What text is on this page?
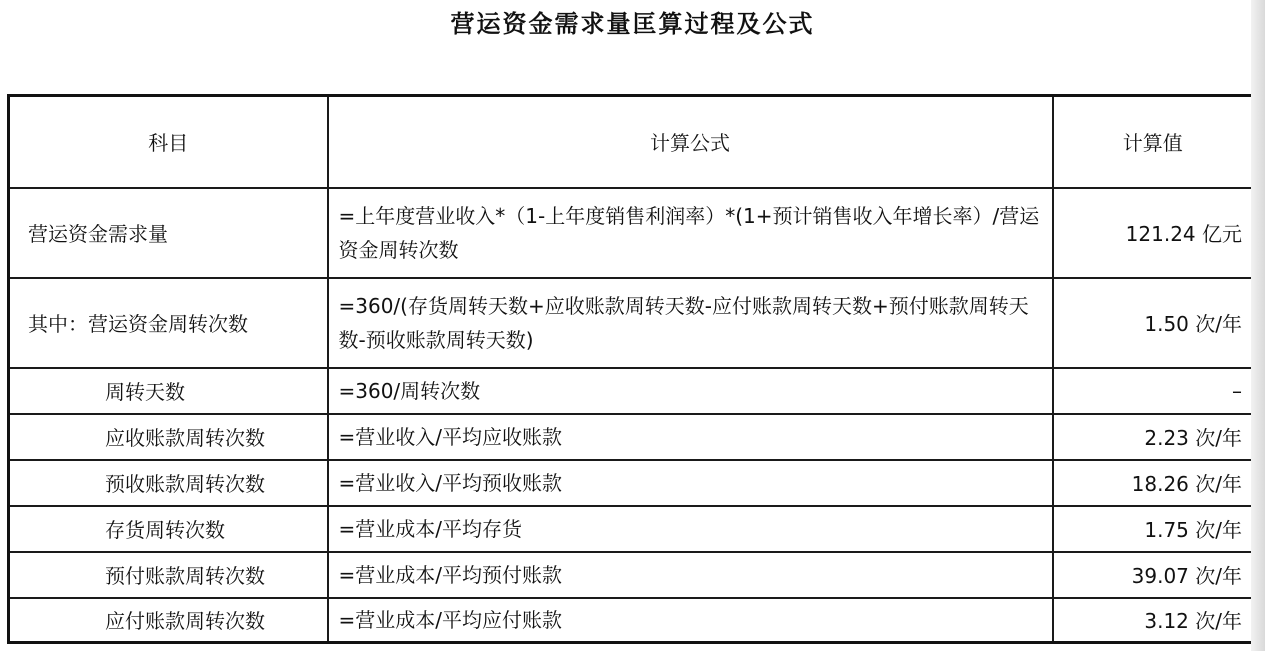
营运资金需求量匡算过程及公式
科目	计算公式	计算值
营运资金需求量	=上年度营业收入*（1-上年度销售利润率）*(1+预计销售收入年增长率）/营运资金周转次数	121.24 亿元
其中：营运资金周转次数	=360/(存货周转天数+应收账款周转天数-应付账款周转天数+预付账款周转天数-预收账款周转天数)	1.50 次/年
周转天数	=360/周转次数	–
应收账款周转次数	=营业收入/平均应收账款	2.23 次/年
预收账款周转次数	=营业收入/平均预收账款	18.26 次/年
存货周转次数	=营业成本/平均存货	1.75 次/年
预付账款周转次数	=营业成本/平均预付账款	39.07 次/年
应付账款周转次数	=营业成本/平均应付账款	3.12 次/年
